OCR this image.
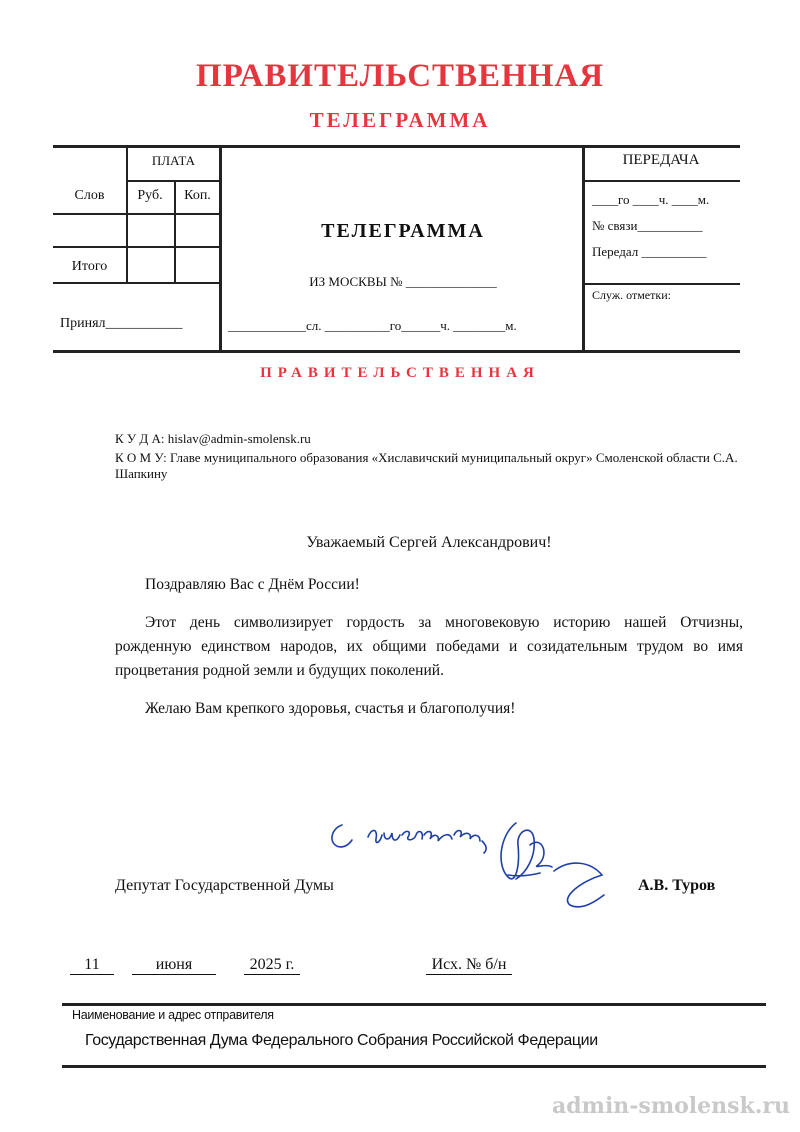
ПРАВИТЕЛЬСТВЕННАЯ
ТЕЛЕГРАММА
ПЛАТА
Слов	Руб.	Коп.
Итого
Принял___________
ТЕЛЕГРАММА
ИЗ МОСКВЫ № ______________
____________сл. __________го______ч. ________м.
ПЕРЕДАЧА
____го ____ч. ____м.
№ связи__________
Передал __________
Служ. отметки:
ПРАВИТЕЛЬСТВЕННАЯ
К У Д А: hislav@admin-smolensk.ru
К О М У: Главе муниципального образования «Хиславичский муниципальный округ» Смоленской области С.А. Шапкину
Уважаемый Сергей Александрович!

Поздравляю Вас с Днём России!

Этот день символизирует гордость за многовековую историю нашей Отчизны, рожденную единством народов, их общими победами и созидательным трудом во имя процветания родной земли и будущих поколений.

Желаю Вам крепкого здоровья, счастья и благополучия!

Депутат Государственной Думы	А.В. Туров
11	июня	2025 г.	Исх. № б/н
Наименование и адрес отправителя
Государственная Дума Федерального Собрания Российской Федерации
admin-smolensk.ru
